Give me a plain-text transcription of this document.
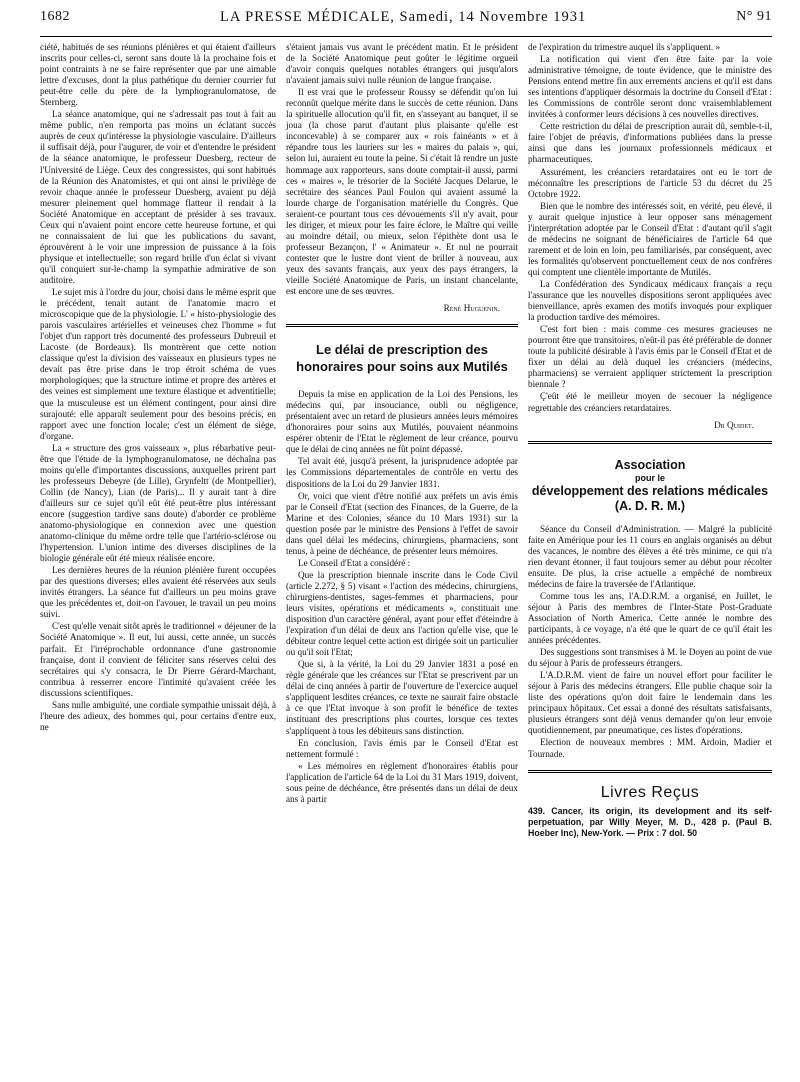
1682	LA PRESSE MÉDICALE, Samedi, 14 Novembre 1931	N° 91

ciété, habitués de ses réunions plénières et qui étaient d'ailleurs inscrits pour celles-ci, seront sans doute là la prochaine fois et point contraints à ne se faire représenter que par une aimable lettre d'excuses, dont la plus pathétique du dernier courrier fut peut-être celle du père de la lymphogranulomatose, de Sternberg.

La séance anatomique, qui ne s'adressait pas tout à fait au même public, n'en remporta pas moins un éclatant succès auprès de ceux qu'intéresse la physiologie vasculaire. D'ailleurs il suffisait déjà, pour l'augurer, de voir et d'entendre le président de la séance anatomique, le professeur Duesberg, recteur de l'Université de Liège. Ceux des congressistes, qui sont habitués de la Réunion des Anatomistes, et qui ont ainsi le privilège de revoir chaque année le professeur Duesberg, avaient pu déjà mesurer pleinement quel hommage flatteur il rendait à la Société Anatomique en acceptant de présider à ses travaux. Ceux qui n'avaient point encore cette heureuse fortune, et qui ne connaissaient de lui que les publications du savant, éprouvèrent à le voir une impression de puissance à la fois physique et intellectuelle; son regard brille d'un éclat si vivant qu'il conquiert sur-le-champ la sympathie admirative de son auditoire.

Le sujet mis à l'ordre du jour, choisi dans le même esprit que le précédent, tenait autant de l'anatomie macro et microscopique que de la physiologie. L' « histo-physiologie des parois vasculaires artérielles et veineuses chez l'homme » fut l'objet d'un rapport très documenté des professeurs Dubreuil et Lacoste (de Bordeaux). Ils montrèrent que cette notion classique qu'est la division des vaisseaux en plusieurs types ne devait pas être prise dans le trop étroit schéma de vues morphologiques; que la structure intime et propre des artères et des veines est simplement une texture élastique et adventitielle; que la musculeuse est un élément contingent, pour ainsi dire surajouté: elle apparaît seulement pour des besoins précis, en rapport avec une fonction locale; c'est un élément de siège, d'organe.

La « structure des gros vaisseaux », plus rébarbative peut-être que l'étude de la lymphogranulomatose, ne déchaîna pas moins qu'elle d'importantes discussions, auxquelles prirent part les professeurs Debeyre (de Lille), Grynfeltt (de Montpellier), Collin (de Nancy), Lian (de Paris)... Il y aurait tant à dire d'ailleurs sur ce sujet qu'il eût été peut-être plus intéressant encore (suggestion tardive sans doute) d'aborder ce problème anatomo-physiologique en connexion avec une question anatomo-clinique du même ordre telle que l'artério-sclérose ou l'hypertension. L'union intime des diverses disciplines de la biologie générale eût été mieux réalisée encore.

Les dernières heures de la réunion plénière furent occupées par des questions diverses; elles avaient été réservées aux seuls invités étrangers. La séance fut d'ailleurs un peu moins grave que les précédentes et, doit-on l'avouer, le travail un peu moins suivi.

C'est qu'elle venait sitôt après le traditionnel « déjeuner de la Société Anatomique ». Il eut, lui aussi, cette année, un succès parfait. Et l'irréprochable ordonnance d'une gastronomie française, dont il convient de féliciter sans réserves celui des secrétaires qui s'y consacra, le Dr Pierre Gérard-Marchant, contribua à resserrer encore l'intimité qu'avaient créée les discussions scientifiques.

Sans nulle ambiguïté, une cordiale sympathie unissait déjà, à l'heure des adieux, des hommes qui, pour certains d'entre eux, ne

s'étaient jamais vus avant le précédent matin. Et le président de la Société Anatomique peut goûter le légitime orgueil d'avoir conquis quelques notables étrangers qui jusqu'alors n'avaient jamais suivi nulle réunion de langue française.

Il est vrai que le professeur Roussy se défendit qu'on lui reconnût quelque mérite dans le succès de cette réunion. Dans la spirituelle allocution qu'il fit, en s'asseyant au banquet, il se joua (la chose parut d'autant plus plaisante qu'elle est inconcevable) à se comparer aux « rois fainéants » et à répandre tous les lauriers sur les « maires du palais », qui, selon lui, auraient eu toute la peine. Si c'était là rendre un juste hommage aux rapporteurs, sans doute comptait-il aussi, parmi ces « maires », le trésorier de la Société Jacques Delarue, le secrétaire des séances Paul Foulon qui avaient assumé la lourde charge de l'organisation matérielle du Congrès. Que seraient-ce pourtant tous ces dévouements s'il n'y avait, pour les diriger, et mieux pour les faire éclore, le Maître qui veille au moindre détail, ou mieux, selon l'épithète dont usa le professeur Bezançon, l' « Animateur ». Et nul ne pourrait contester que le lustre dont vient de briller à nouveau, aux yeux des savants français, aux yeux des pays étrangers, la vieille Société Anatomique de Paris, un instant chancelante, est encore une de ses œuvres.

René Huguenin.

Le délai de prescription des honoraires pour soins aux Mutilés

Depuis la mise en application de la Loi des Pensions, les médecins qui, par insouciance, oubli ou négligence, présentaient avec un retard de plusieurs années leurs mémoires d'honoraires pour soins aux Mutilés, pouvaient néanmoins espérer obtenir de l'Etat le règlement de leur créance, pourvu que le délai de cinq années ne fût point dépassé.

Tel avait été, jusqu'à présent, la jurisprudence adoptée par les Commissions départementales de contrôle en vertu des dispositions de la Loi du 29 Janvier 1831.

Or, voici que vient d'être notifié aux préfets un avis émis par le Conseil d'Etat (section des Finances, de la Guerre, de la Marine et des Colonies, séance du 10 Mars 1931) sur la question posée par le ministre des Pensions à l'effet de savoir dans quel délai les médecins, chirurgiens, pharmaciens, sont tenus, à peine de déchéance, de présenter leurs mémoires.

Le Conseil d'Etat a considéré :

Que la prescription biennale inscrite dans le Code Civil (article 2.272, § 5) visant « l'action des médecins, chirurgiens, chirurgiens-dentistes, sages-femmes et pharmaciens, pour leurs visites, opérations et médicaments », constituait une disposition d'un caractère général, ayant pour effet d'éteindre à l'expiration d'un délai de deux ans l'action qu'elle vise, que le débiteur contre lequel cette action est dirigée soit un particulier ou qu'il soit l'Etat;

Que si, à la vérité, la Loi du 29 Janvier 1831 a posé en règle générale que les créances sur l'Etat se prescrivent par un délai de cinq années à partir de l'ouverture de l'exercice auquel s'appliquent lesdites créances, ce texte ne saurait faire obstacle à ce que l'Etat invoque à son profit le bénéfice de textes instituant des prescriptions plus courtes, lorsque ces textes s'appliquent à tous les débiteurs sans distinction.

En conclusion, l'avis émis par le Conseil d'Etat est nettement formulé :

« Les mémoires en règlement d'honoraires établis pour l'application de l'article 64 de la Loi du 31 Mars 1919, doivent, sous peine de déchéance, être présentés dans un délai de deux ans à partir

de l'expiration du trimestre auquel ils s'appliquent. »

La notification qui vient d'en être faite par la voie administrative témoigne, de toute évidence, que le ministre des Pensions entend mettre fin aux errements anciens et qu'il est dans ses intentions d'appliquer désormais la doctrine du Conseil d'Etat : les Commissions de contrôle seront donc vraisemblablement invitées à conformer leurs décisions à ces nouvelles directives.

Cette restriction du délai de prescription aurait dû, semble-t-il, faire l'objet de préavis, d'informations publiées dans la presse ainsi que dans les journaux professionnels médicaux et pharmaceutiques.

Assurément, les créanciers retardataires ont eu le tort de méconnaître les prescriptions de l'article 53 du décret du 25 Octobre 1922.

Bien que le nombre des intéressés soit, en vérité, peu élevé, il y aurait quelque injustice à leur opposer sans ménagement l'interprétation adoptée par le Conseil d'Etat : d'autant qu'il s'agit de médecins ne soignant de bénéficiaires de l'article 64 que rarement et de loin en loin, peu familiarisés, par conséquent, avec les formalités qu'observent ponctuellement ceux de nos confrères qui comptent une clientèle importante de Mutilés.

La Confédération des Syndicaux médicaux français a reçu l'assurance que les nouvelles dispositions seront appliquées avec bienveillance, après examen des motifs invoqués pour expliquer la production tardive des mémoires.

C'est fort bien : mais comme ces mesures gracieuses ne pourront être que transitoires, n'eût-il pas été préférable de donner toute la publicité désirable à l'avis émis par le Conseil d'Etat et de fixer un délai au delà duquel les créanciers (médecins, pharmaciens) se verraient appliquer strictement la prescription biennale ?

Ç'eût été le meilleur moyen de secouer la négligence regrettable des créanciers retardataires.

Dr Quidet.

Association
pour le
développement des relations médicales
(A. D. R. M.)

Séance du Conseil d'Administration. — Malgré la publicité faite en Amérique pour les 11 cours en anglais organisés au début des vacances, le nombre des élèves a été très minime, ce qui n'a rien devant étonner, il faut toujours semer au début pour récolter ensuite. De plus, la crise actuelle a empêché de nombreux médecins de faire la traversée de l'Atlantique.

Comme tous les ans, l'A.D.R.M. a organisé, en Juillet, le séjour à Paris des membres de l'Inter-State Post-Graduate Association of North America. Cette année le nombre des participants, à ce voyage, n'a été que le quart de ce qu'il était les années précédentes.

Des suggestions sont transmises à M. le Doyen au point de vue du séjour à Paris de professeurs étrangers.

L'A.D.R.M. vient de faire un nouvel effort pour faciliter le séjour à Paris des médecins étrangers. Elle publie chaque soir la liste des opérations qu'on doit faire le lendemain dans les principaux hôpitaux. Cet essai a donné des résultats satisfaisants, plusieurs étrangers sont déjà venus demander qu'on leur envoie quotidiennement, par pneumatique, ces listes d'opérations.

Election de nouveaux membres : MM. Ardoin, Madier et Tournade.

Livres Reçus

439. Cancer, its origin, its development and its self-perpetuation, par Willy Meyer, M. D., 428 p. (Paul B. Hoeber Inc), New-York. — Prix : 7 dol. 50
